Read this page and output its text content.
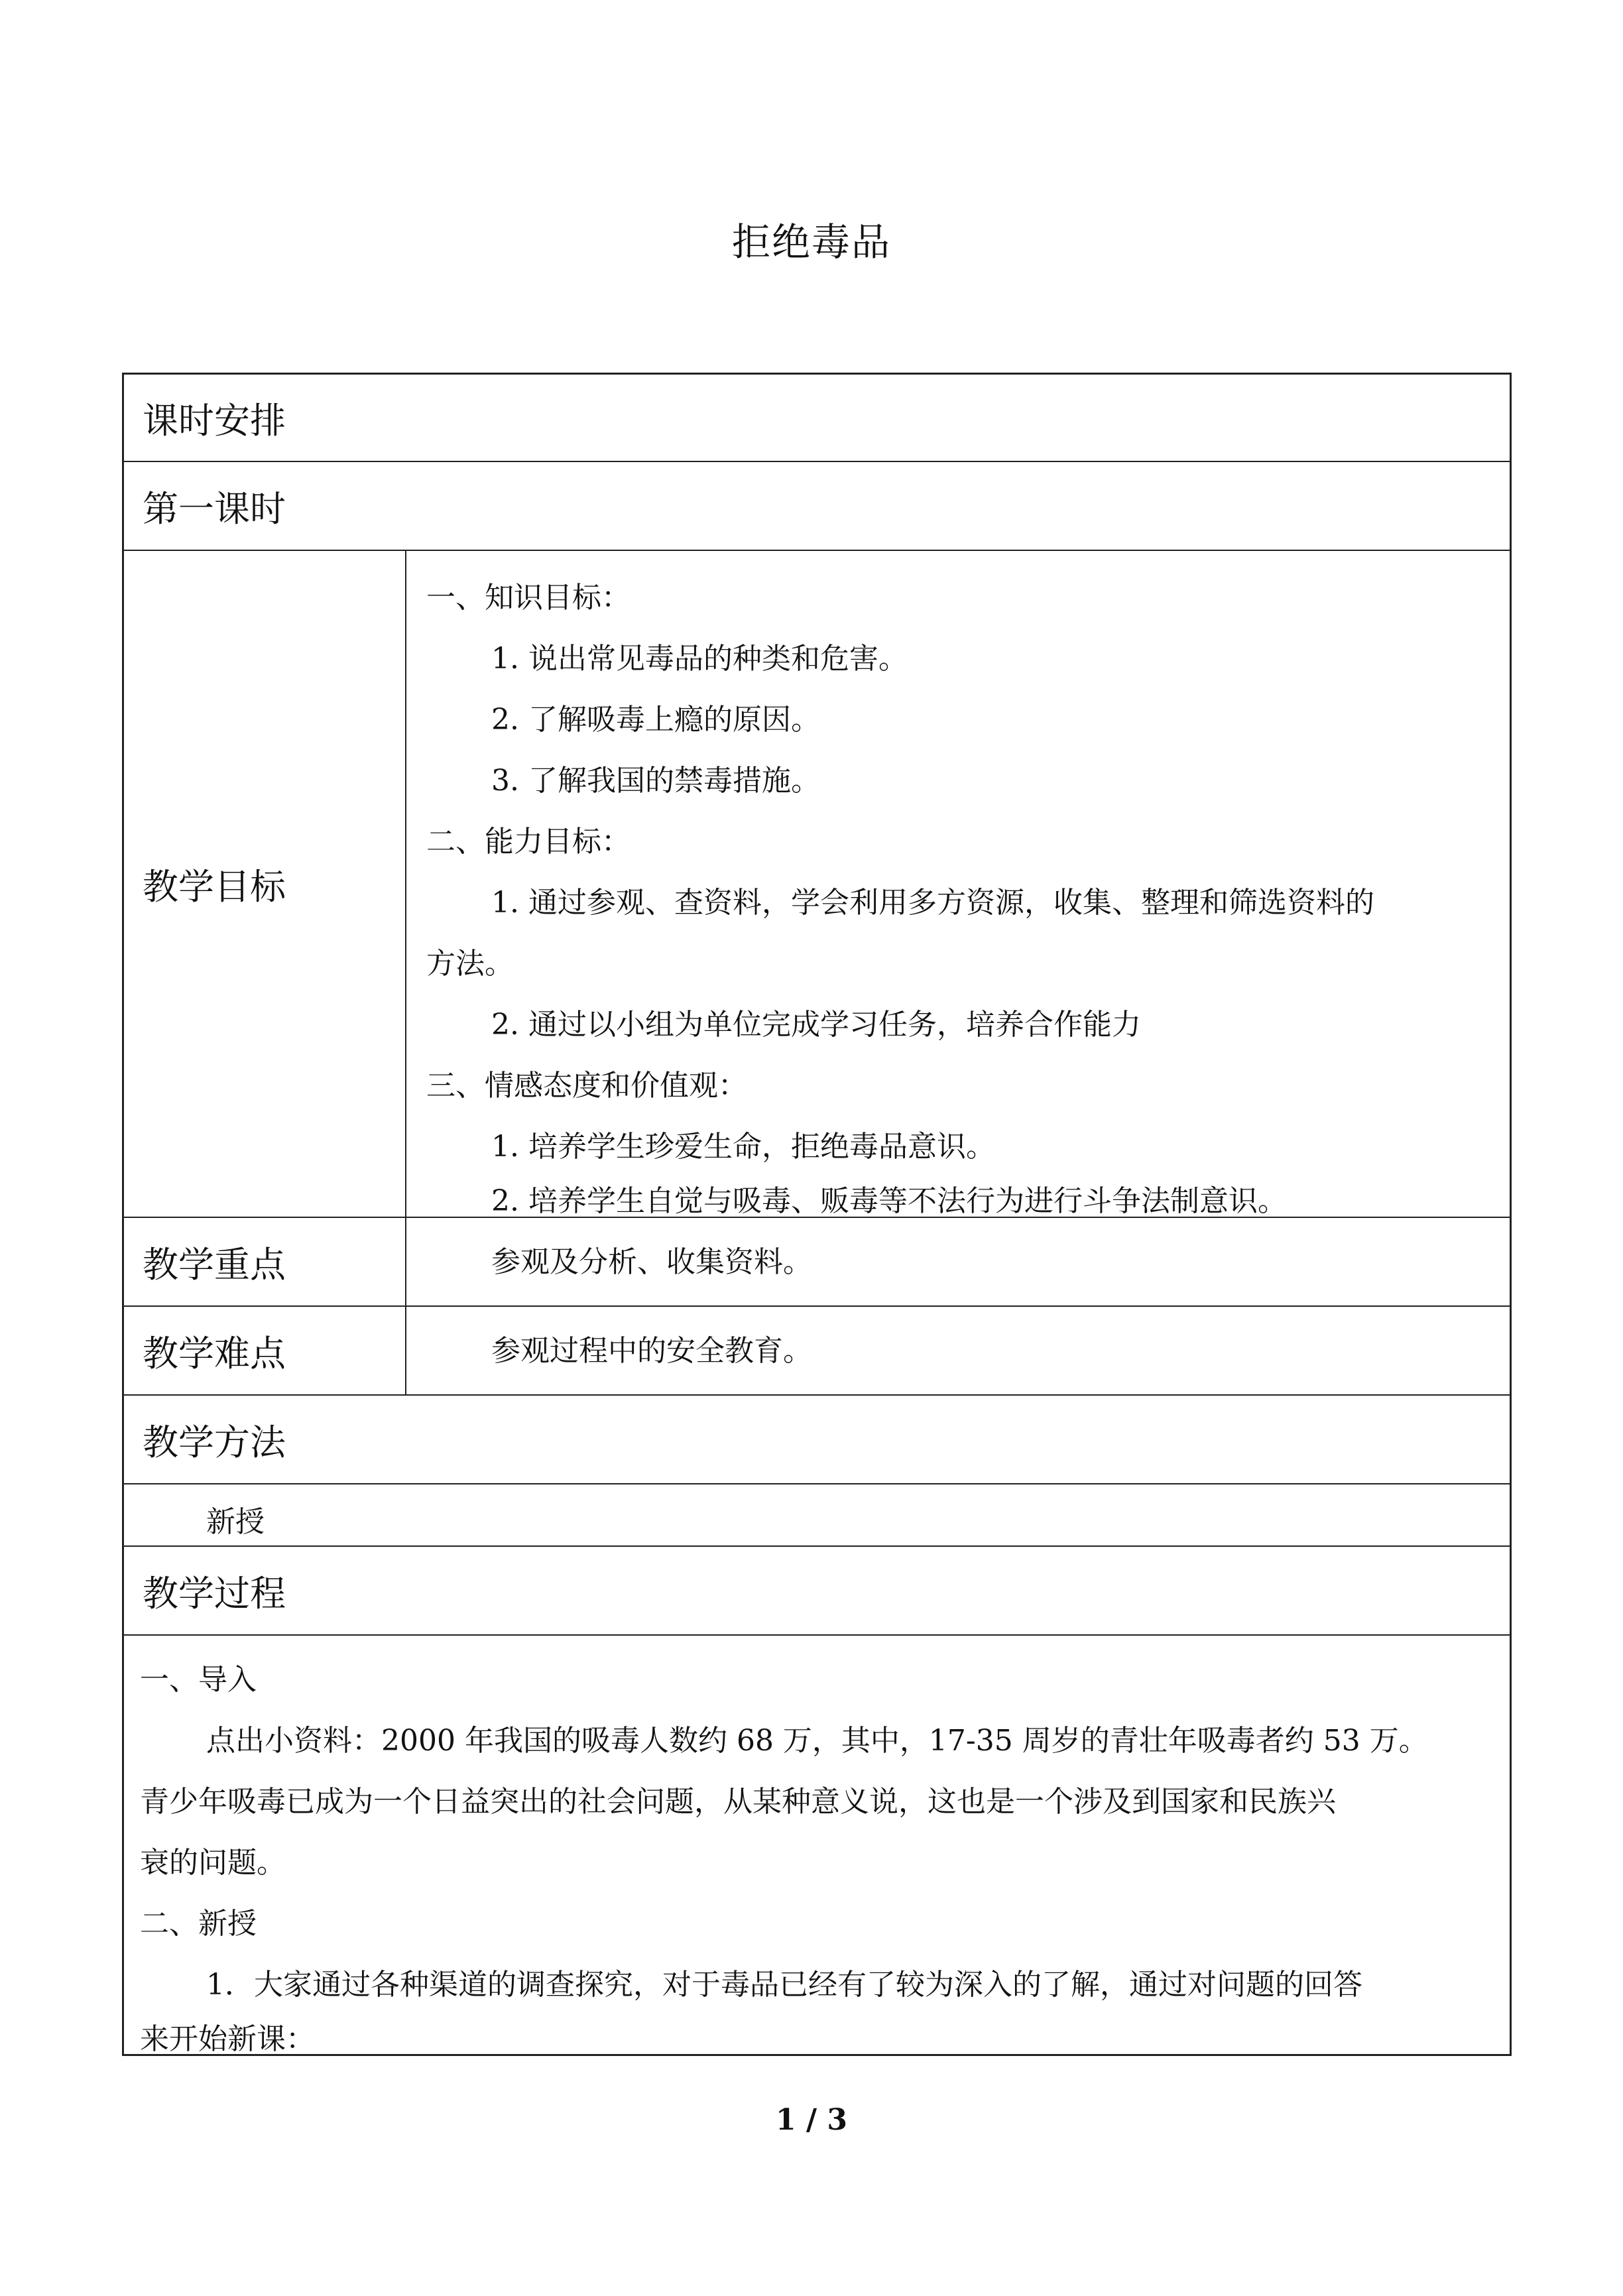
拒绝毒品
课时安排
第一课时
教学目标
一、知识目标：
1. 说出常见毒品的种类和危害。
2. 了解吸毒上瘾的原因。
3. 了解我国的禁毒措施。
二、能力目标：
1. 通过参观、查资料，学会利用多方资源，收集、整理和筛选资料的
方法。
2. 通过以小组为单位完成学习任务，培养合作能力
三、情感态度和价值观：
1. 培养学生珍爱生命，拒绝毒品意识。
2. 培养学生自觉与吸毒、贩毒等不法行为进行斗争法制意识。
教学重点	参观及分析、收集资料。
教学难点	参观过程中的安全教育。
教学方法
新授
教学过程
一、导入
点出小资料：2000 年我国的吸毒人数约 68 万，其中，17-35 周岁的青壮年吸毒者约 53 万。
青少年吸毒已成为一个日益突出的社会问题，从某种意义说，这也是一个涉及到国家和民族兴
衰的问题。
二、新授
1．大家通过各种渠道的调查探究，对于毒品已经有了较为深入的了解，通过对问题的回答
来开始新课：
1 / 3
